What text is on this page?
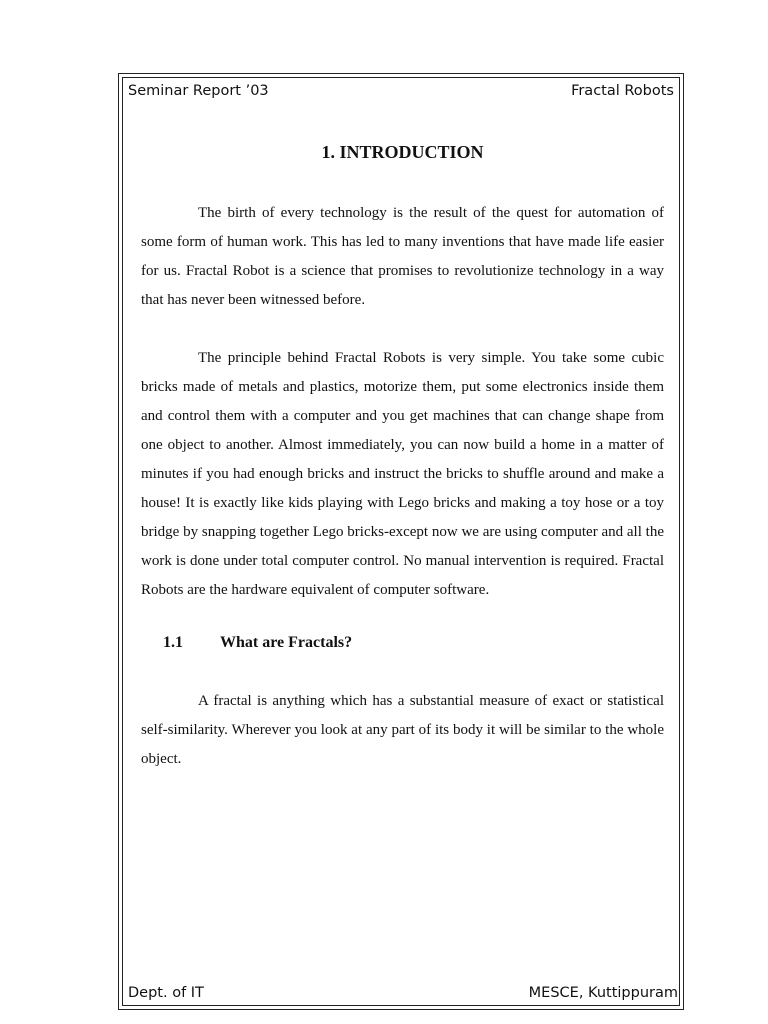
Seminar Report ’03	Fractal Robots
1. INTRODUCTION

The birth of every technology is the result of the quest for automation of some form of human work. This has led to many inventions that have made life easier for us. Fractal Robot is a science that promises to revolutionize technology in a way that has never been witnessed before.

The principle behind Fractal Robots is very simple. You take some cubic bricks made of metals and plastics, motorize them, put some electronics inside them and control them with a computer and you get machines that can change shape from one object to another. Almost immediately, you can now build a home in a matter of minutes if you had enough bricks and instruct the bricks to shuffle around and make a house! It is exactly like kids playing with Lego bricks and making a toy hose or a toy bridge by snapping together Lego bricks-except now we are using computer and all the work is done under total computer control. No manual intervention is required. Fractal Robots are the hardware equivalent of computer software.

1.1	What are Fractals?

A fractal is anything which has a substantial measure of exact or statistical self-similarity. Wherever you look at any part of its body it will be similar to the whole object.

Dept. of IT	MESCE, Kuttippuram
